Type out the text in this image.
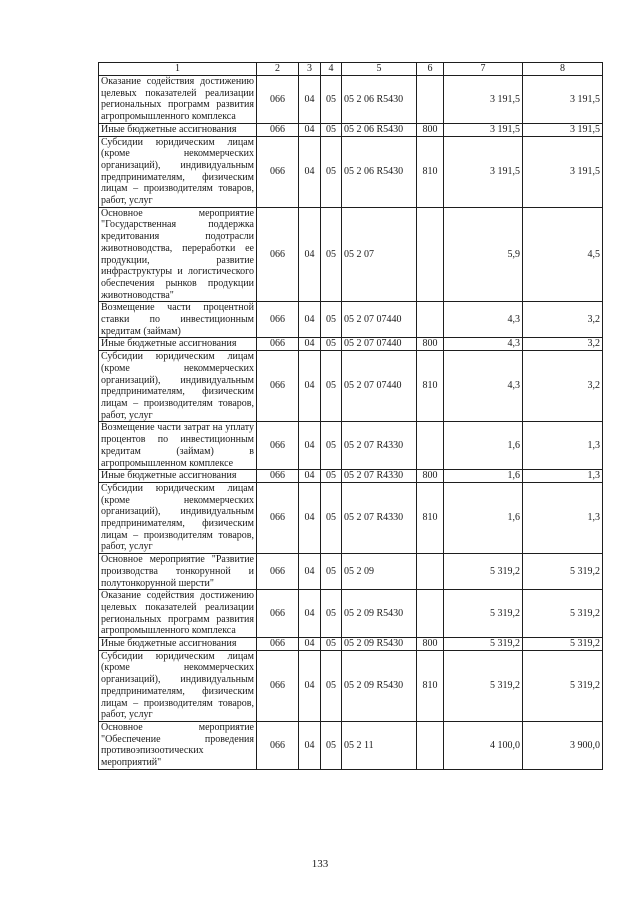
1	2	3	4	5	6	7	8
Оказание содействия достижению целевых показателей реализации региональных программ развития агропромышленного комплекса	066	04	05	05 2 06 R5430		3 191,5	3 191,5
Иные бюджетные ассигнования	066	04	05	05 2 06 R5430	800	3 191,5	3 191,5
Субсидии юридическим лицам (кроме некоммерческих организаций), индивидуальным предпринимателям, физическим лицам – производителям товаров, работ, услуг	066	04	05	05 2 06 R5430	810	3 191,5	3 191,5
Основное мероприятие "Государственная поддержка кредитования подотрасли животноводства, переработки ее продукции, развитие инфраструктуры и логистического обеспечения рынков продукции животноводства"	066	04	05	05 2 07		5,9	4,5
Возмещение части процентной ставки по инвестиционным кредитам (займам)	066	04	05	05 2 07 07440		4,3	3,2
Иные бюджетные ассигнования	066	04	05	05 2 07 07440	800	4,3	3,2
Субсидии юридическим лицам (кроме некоммерческих организаций), индивидуальным предпринимателям, физическим лицам – производителям товаров, работ, услуг	066	04	05	05 2 07 07440	810	4,3	3,2
Возмещение части затрат на уплату процентов по инвестиционным кредитам (займам) в агропромышленном комплексе	066	04	05	05 2 07 R4330		1,6	1,3
Иные бюджетные ассигнования	066	04	05	05 2 07 R4330	800	1,6	1,3
Субсидии юридическим лицам (кроме некоммерческих организаций), индивидуальным предпринимателям, физическим лицам – производителям товаров, работ, услуг	066	04	05	05 2 07 R4330	810	1,6	1,3
Основное мероприятие "Развитие производства тонкорунной и полутонкорунной шерсти"	066	04	05	05 2 09		5 319,2	5 319,2
Оказание содействия достижению целевых показателей реализации региональных программ развития агропромышленного комплекса	066	04	05	05 2 09 R5430		5 319,2	5 319,2
Иные бюджетные ассигнования	066	04	05	05 2 09 R5430	800	5 319,2	5 319,2
Субсидии юридическим лицам (кроме некоммерческих организаций), индивидуальным предпринимателям, физическим лицам – производителям товаров, работ, услуг	066	04	05	05 2 09 R5430	810	5 319,2	5 319,2
Основное мероприятие "Обеспечение проведения противоэпизоотических мероприятий"	066	04	05	05 2 11		4 100,0	3 900,0
133
